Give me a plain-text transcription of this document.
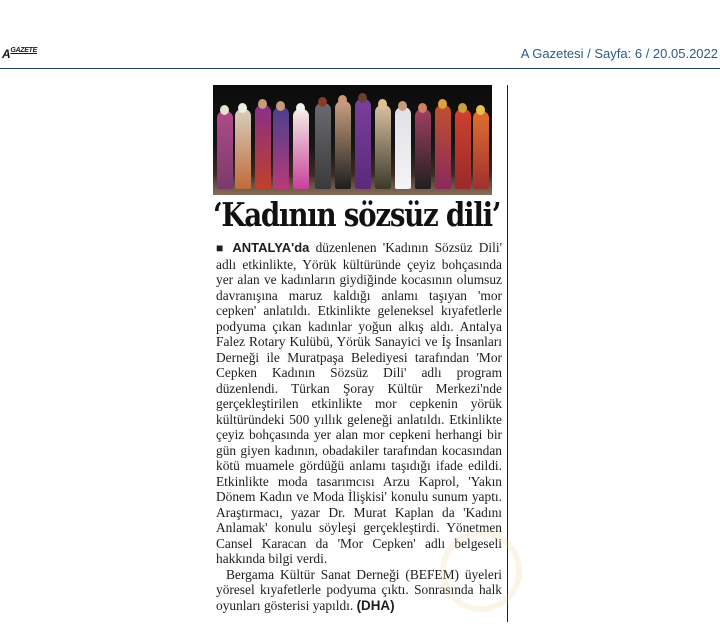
$A^{GAZETE}$	A Gazetesi / Sayfa: 6 / 20.05.2022
‘Kadının sözsüz dili’

■ ANTALYA'da düzenlenen 'Kadının Sözsüz Dili' adlı etkinlikte, Yörük kültüründe çeyiz bohçasında yer alan ve kadınların giydiğinde kocasının olumsuz davranışına maruz kaldığı anlamı taşıyan 'mor cepken' anlatıldı. Etkinlikte geleneksel kıyafetlerle podyuma çıkan kadınlar yoğun alkış aldı. Antalya Falez Rotary Kulübü, Yörük Sanayici ve İş İnsanları Derneği ile Muratpaşa Belediyesi tarafından 'Mor Cepken Kadının Sözsüz Dili' adlı program düzenlendi. Türkan Şoray Kültür Merkezi'nde gerçekleştirilen etkinlikte mor cepkenin yörük kültüründeki 500 yıllık geleneği anlatıldı. Etkinlikte çeyiz bohçasında yer alan mor cepkeni herhangi bir gün giyen kadının, obadakiler tarafından kocasından kötü muamele gördüğü anlamı taşıdığı ifade edildi. Etkinlikte moda tasarımcısı Arzu Kaprol, 'Yakın Dönem Kadın ve Moda İlişkisi' konulu sunum yaptı. Araştırmacı, yazar Dr. Murat Kaplan da 'Kadını Anlamak' konulu söyleşi gerçekleştirdi. Yönetmen Cansel Karacan da 'Mor Cepken' adlı belgeseli hakkında bilgi verdi.

Bergama Kültür Sanat Derneği (BEFEM) üyeleri yöresel kıyafetlerle podyuma çıktı. Sonrasında halk oyunları gösterisi yapıldı. (DHA)
